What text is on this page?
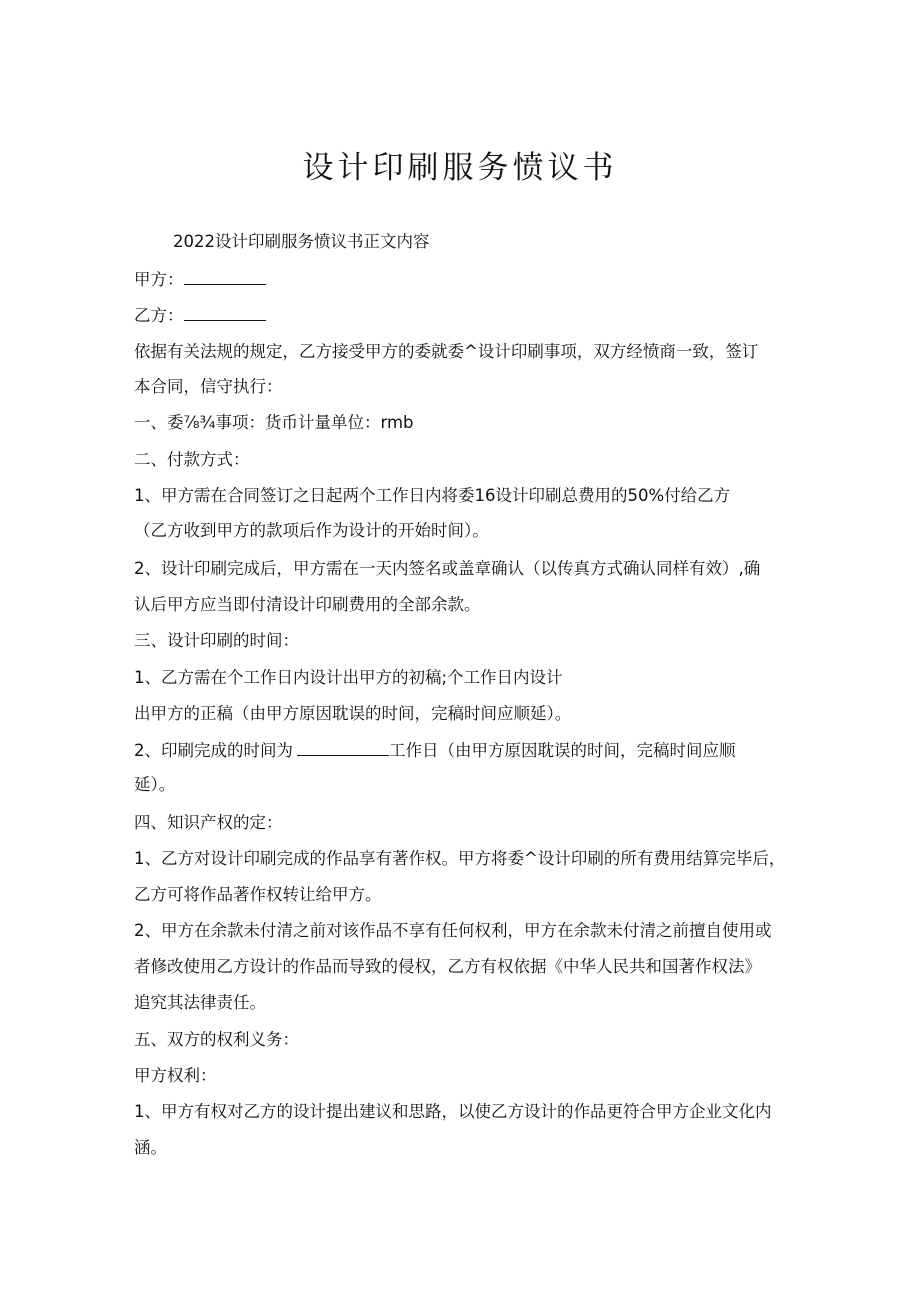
设计印刷服务愤议书
2022设计印刷服务愤议书正文内容
甲方：
乙方：
依据有关法规的规定，乙方接受甲方的委就委^设计印刷事项，双方经愤商一致，签订
本合同，信守执行：
一、委⅞¾事项：货币计量单位：rmb
二、付款方式：
1、甲方需在合同签订之日起两个工作日内将委16设计印刷总费用的50%付给乙方
（乙方收到甲方的款项后作为设计的开始时间）。
2、设计印刷完成后，甲方需在一天内签名或盖章确认（以传真方式确认同样有效）,确
认后甲方应当即付清设计印刷费用的全部余款。
三、设计印刷的时间：
1、乙方需在个工作日内设计出甲方的初稿;个工作日内设计
出甲方的正稿（由甲方原因耽误的时间，完稿时间应顺延）。
2、印刷完成的时间为	工作日（由甲方原因耽误的时间，完稿时间应顺
延）。
四、知识产权的定：
1、乙方对设计印刷完成的作品享有著作权。甲方将委^设计印刷的所有费用结算完毕后，
乙方可将作品著作权转让给甲方。
2、甲方在余款未付清之前对该作品不享有任何权利，甲方在余款未付清之前擅自使用或
者修改使用乙方设计的作品而导致的侵权，乙方有权依据《中华人民共和国著作权法》
追究其法律责任。
五、双方的权利义务：
甲方权利：
1、甲方有权对乙方的设计提出建议和思路，以使乙方设计的作品更符合甲方企业文化内
涵。
